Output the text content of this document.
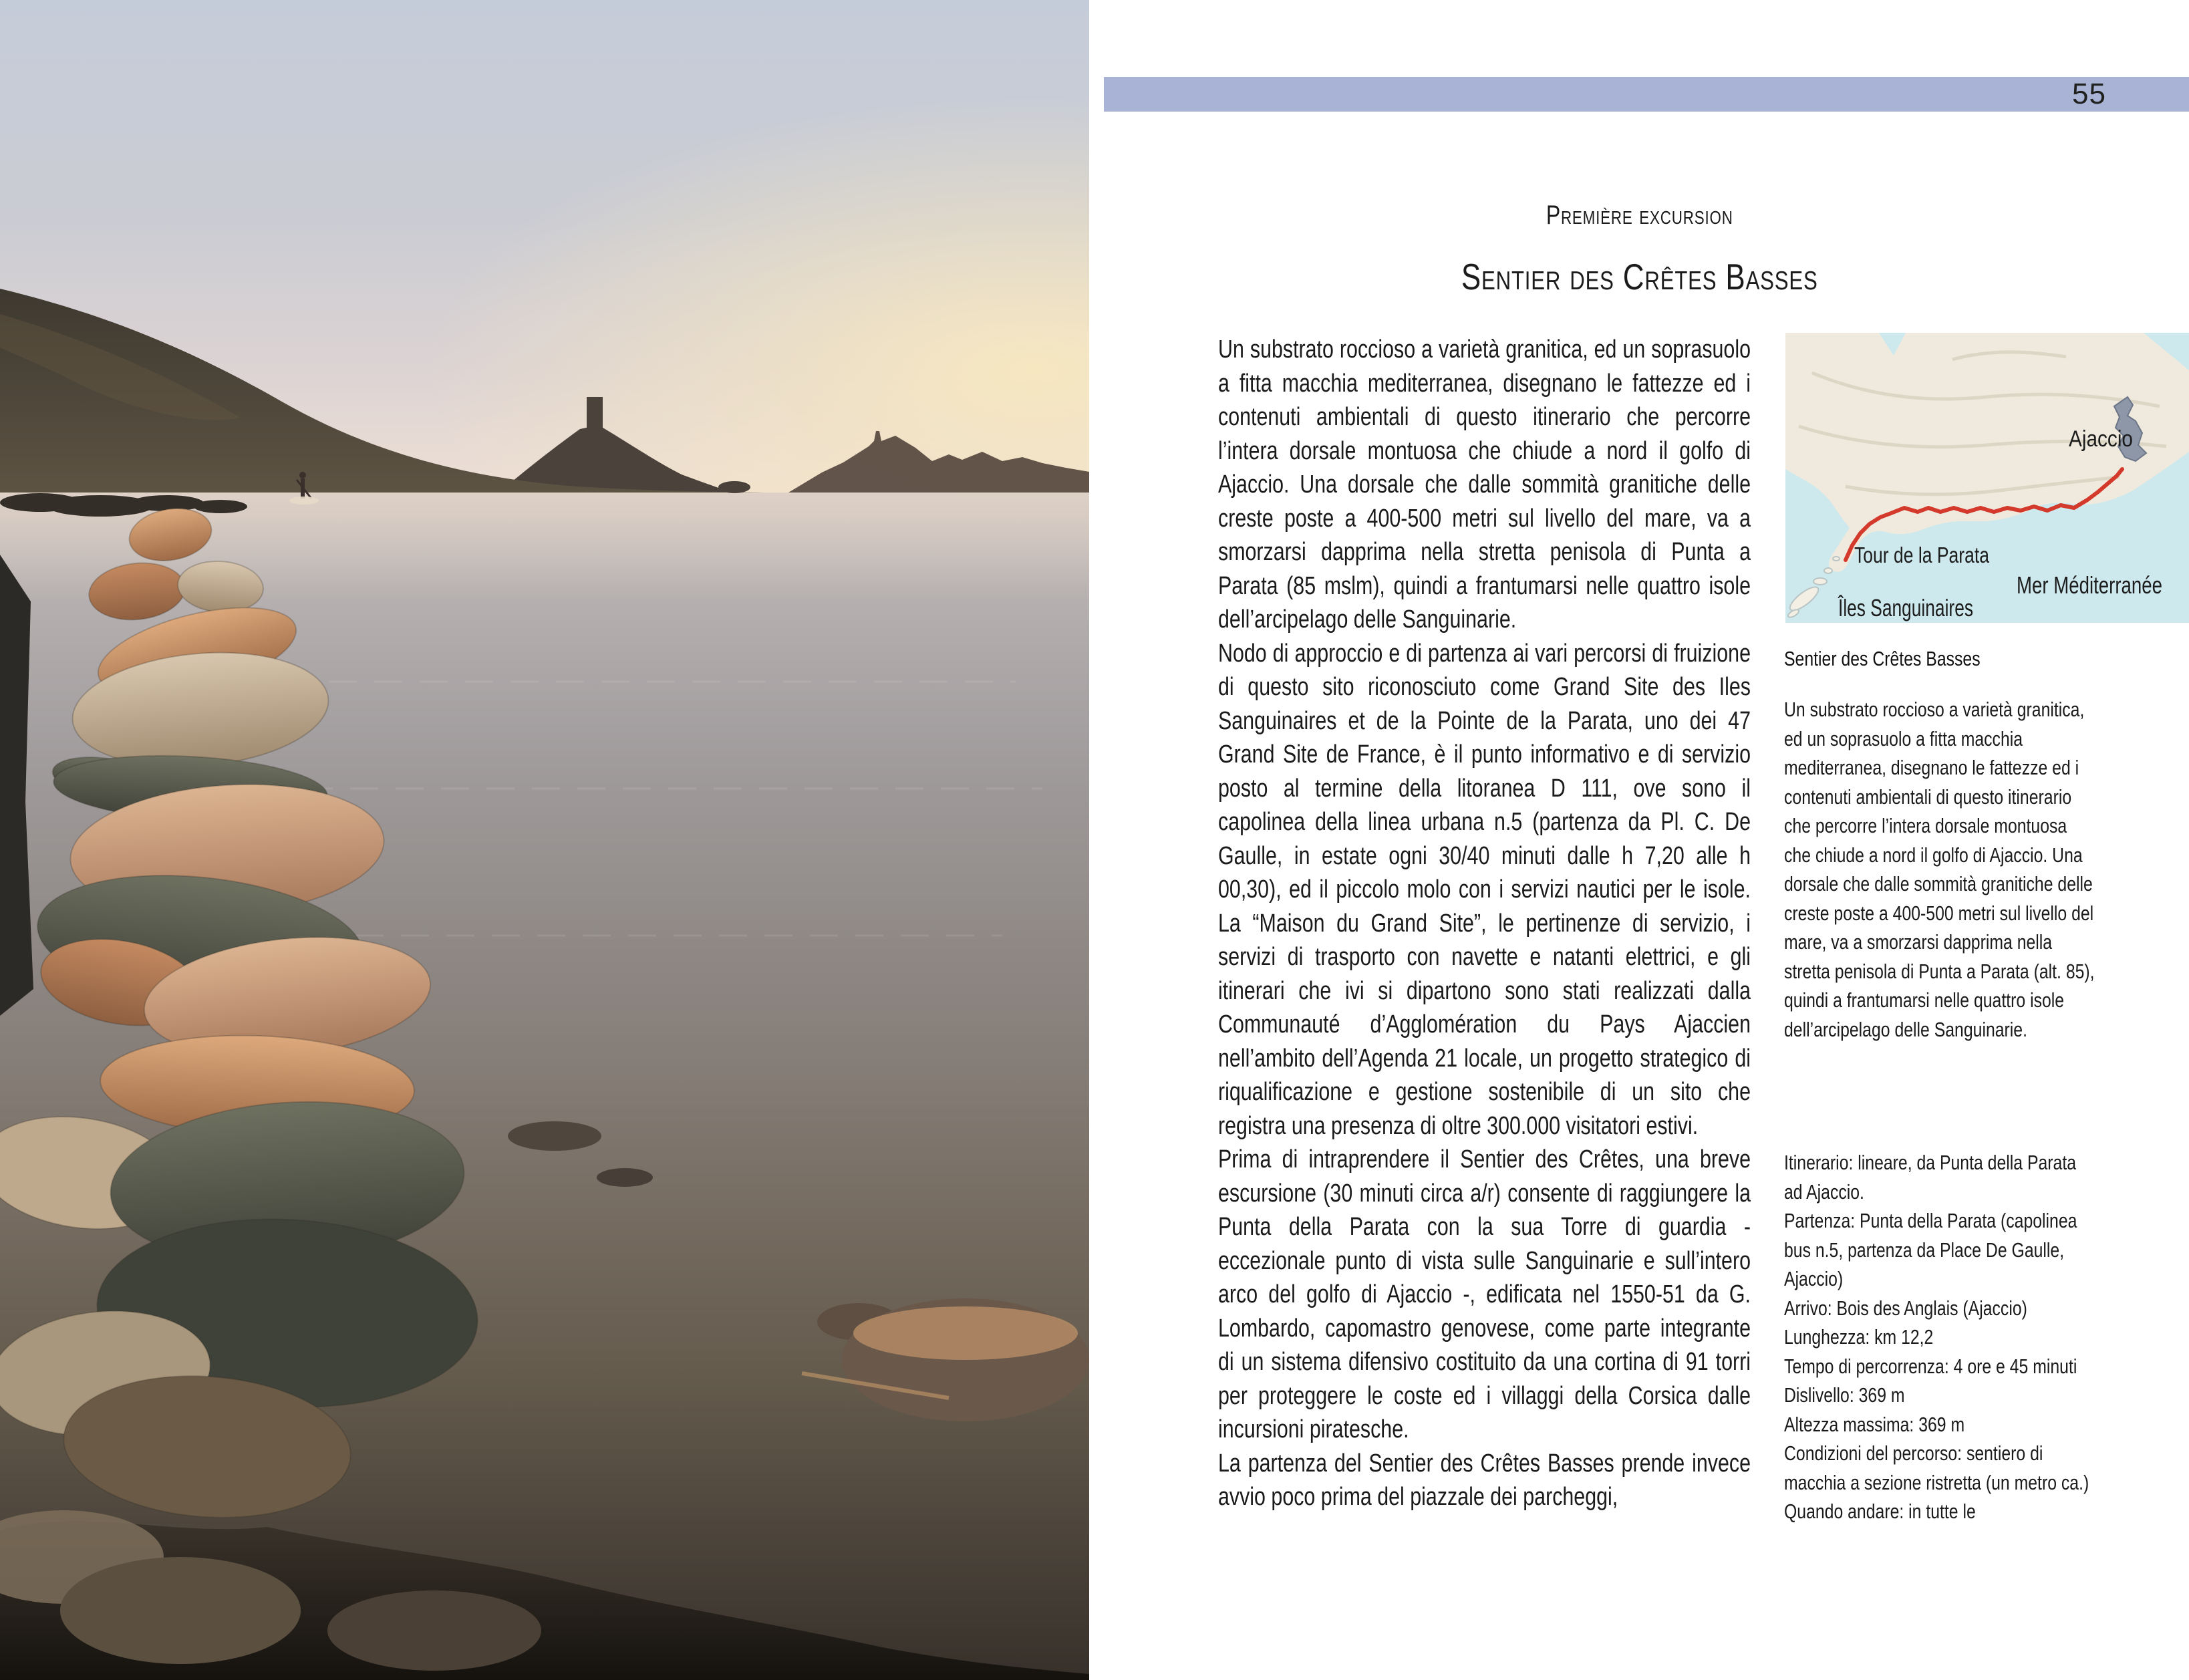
55
Première excursion
Sentier des Crêtes Basses

Un substrato roccioso a varietà granitica, ed un soprasuolo a fitta macchia mediterranea, disegnano le fattezze ed i contenuti ambientali di questo itinerario che percorre l’intera dorsale montuosa che chiude a nord il golfo di Ajaccio. Una dorsale che dalle sommità granitiche delle creste poste a 400-500 metri sul livello del mare, va a smorzarsi dapprima nella stretta penisola di Punta a Parata (85 mslm), quindi a frantumarsi nelle quattro isole dell’arcipelago delle Sanguinarie.

Nodo di approccio e di partenza ai vari percorsi di fruizione di questo sito riconosciuto come Grand Site des Iles Sanguinaires et de la Pointe de la Parata, uno dei 47 Grand Site de France, è il punto informativo e di servizio posto al termine della litoranea D 111, ove sono il capolinea della linea urbana n.5 (partenza da Pl. C. De Gaulle, in estate ogni 30/40 minuti dalle h 7,20 alle h 00,30), ed il piccolo molo con i servizi nautici per le isole. La “Maison du Grand Site”, le pertinenze di servizio, i servizi di trasporto con navette e natanti elettrici, e gli itinerari che ivi si dipartono sono stati realizzati dalla Communauté d’Agglomération du Pays Ajaccien nell’ambito dell’Agenda 21 locale, un progetto strategico di riqualificazione e gestione sostenibile di un sito che registra una presenza di oltre 300.000 visitatori estivi.

Prima di intraprendere il Sentier des Crêtes, una breve escursione (30 minuti circa a/r) consente di raggiungere la Punta della Parata con la sua Torre di guardia - eccezionale punto di vista sulle Sanguinarie e sull’intero arco del golfo di Ajaccio -, edificata nel 1550-51 da G. Lombardo, capomastro genovese, come parte integrante di un sistema difensivo costituito da una cortina di 91 torri per proteggere le coste ed i villaggi della Corsica dalle incursioni piratesche.

La partenza del Sentier des Crêtes Basses prende invece avvio poco prima del piazzale dei parcheggi,

Ajaccio
Tour de la Parata
Mer Méditerranée
Îles Sanguinaires
Sentier des Crêtes Basses
Un substrato roccioso a varietà granitica, ed un soprasuolo a fitta macchia mediterranea, disegnano le fattezze ed i contenuti ambientali di questo itinerario che percorre l’intera dorsale montuosa che chiude a nord il golfo di Ajaccio. Una dorsale che dalle sommità granitiche delle creste poste a 400-500 metri sul livello del mare, va a smorzarsi dapprima nella stretta penisola di Punta a Parata (alt. 85), quindi a frantumarsi nelle quattro isole dell’arcipelago delle Sanguinarie.

Itinerario: lineare, da Punta della Parata ad Ajaccio.

Partenza: Punta della Parata (capolinea bus n.5, partenza da Place De Gaulle, Ajaccio)

Arrivo: Bois des Anglais (Ajaccio)

Lunghezza: km 12,2

Tempo di percorrenza: 4 ore e 45 minuti

Dislivello: 369 m

Altezza massima: 369 m

Condizioni del percorso: sentiero di macchia a sezione ristretta (un metro ca.)

Quando andare: in tutte le
